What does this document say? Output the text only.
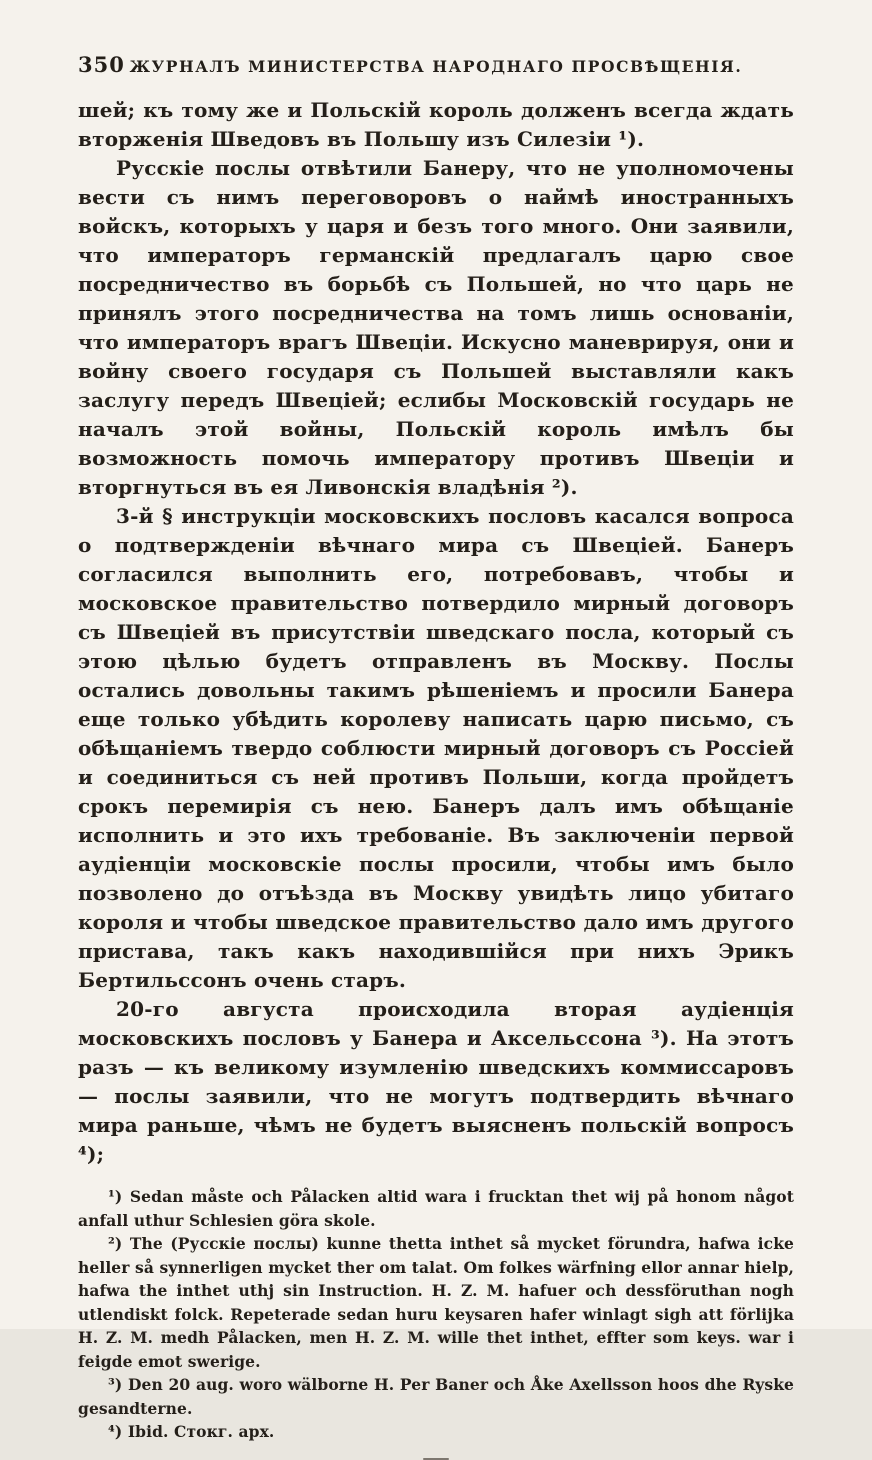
350 ЖУРНАЛЪ МИНИСТЕРСТВА НАРОДНАГО ПРОСВѢЩЕНІЯ.

шей; къ тому же и Польскій король долженъ всегда ждать вторженія Шведовъ въ Польшу изъ Силезіи ¹).

Русскіе послы отвѣтили Банеру, что не уполномочены вести съ нимъ переговоровъ о наймѣ иностранныхъ войскъ, которыхъ у царя и безъ того много. Они заявили, что императоръ германскій предлагалъ царю свое посредничество въ борьбѣ съ Польшей, но что царь не принялъ этого посредничества на томъ лишь основаніи, что императоръ врагъ Швеціи. Искусно маневрируя, они и войну своего государя съ Польшей выставляли какъ заслугу передъ Швеціей; еслибы Московскій государь не началъ этой войны, Польскій король имѣлъ бы возможность помочь императору противъ Швеціи и вторгнуться въ ея Ливонскія владѣнія ²).

3-й § инструкціи московскихъ пословъ касался вопроса о подтвержденіи вѣчнаго мира съ Швеціей. Банеръ согласился выполнить его, потребовавъ, чтобы и московское правительство потвердило мирный договоръ съ Швеціей въ присутствіи шведскаго посла, который съ этою цѣлью будетъ отправленъ въ Москву. Послы остались довольны такимъ рѣшеніемъ и просили Банера еще только убѣдить королеву написать царю письмо, съ обѣщаніемъ твердо соблюсти мирный договоръ съ Россіей и соединиться съ ней противъ Польши, когда пройдетъ срокъ перемирія съ нею. Банеръ далъ имъ обѣщаніе исполнить и это ихъ требованіе. Въ заключеніи первой аудіенціи московскіе послы просили, чтобы имъ было позволено до отъѣзда въ Москву увидѣть лицо убитаго короля и чтобы шведское правительство дало имъ другого пристава, такъ какъ находившійся при нихъ Эрикъ Бертильссонъ очень старъ.

20-го августа происходила вторая аудіенція московскихъ пословъ у Банера и Аксельссона ³). На этотъ разъ — къ великому изумленію шведскихъ коммиссаровъ — послы заявили, что не могутъ подтвердить вѣчнаго мира раньше, чѣмъ не будетъ выясненъ польскій вопросъ ⁴);

¹) Sedan måste och Pålacken altid wara i frucktan thet wij på honom något anfall uthur Schlesien göra skole.

²) The (Русскіе послы) kunne thetta inthet så mycket förundra, hafwa icke heller så synnerligen mycket ther om talat. Om folkes wärfning ellor annar hielp, hafwa the inthet uthj sin Instruction. H. Z. M. hafuer och dessföruthan nogh utlendiskt folck. Repeterade sedan huru keysaren hafer winlagt sigh att förlijka H. Z. M. medh Pålacken, men H. Z. M. wille thet inthet, effter som keys. war i feigde emot swerige.

³) Den 20 aug. woro wälborne H. Per Baner och Åke Axellsson hoos dhe Ryske gesandterne.

⁴) Ibid. Стокг. арх.
